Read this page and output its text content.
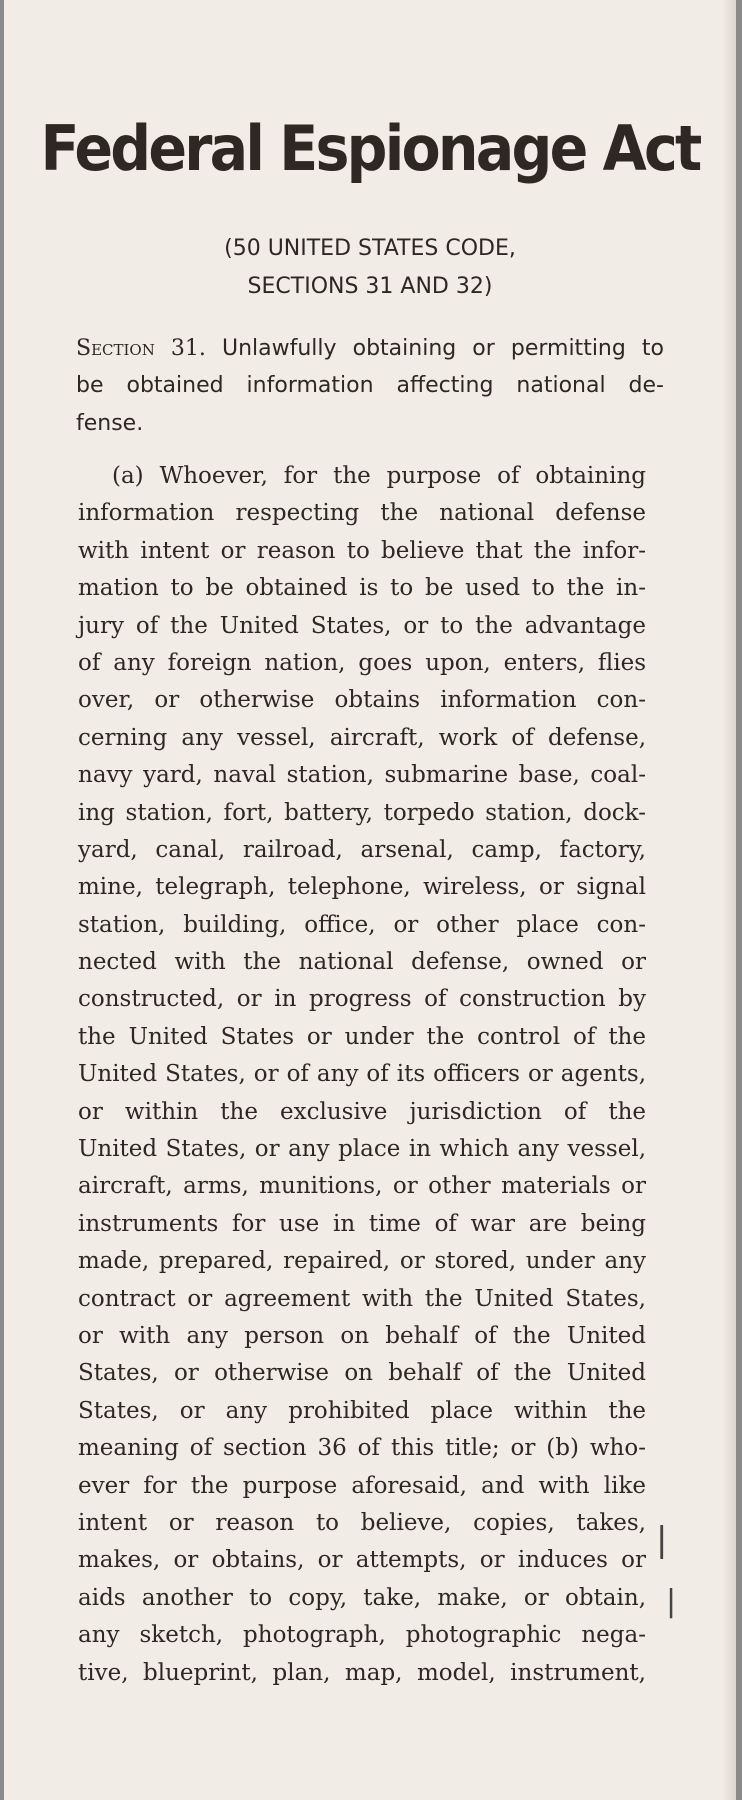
Federal Espionage Act
(50 UNITED STATES CODE,
SECTIONS 31 AND 32)
Section 31. Unlawfully obtaining or permitting to
be obtained information affecting national de-
fense.
(a) Whoever, for the purpose of obtaining
information respecting the national defense
with intent or reason to believe that the infor-
mation to be obtained is to be used to the in-
jury of the United States, or to the advantage
of any foreign nation, goes upon, enters, flies
over, or otherwise obtains information con-
cerning any vessel, aircraft, work of defense,
navy yard, naval station, submarine base, coal-
ing station, fort, battery, torpedo station, dock-
yard, canal, railroad, arsenal, camp, factory,
mine, telegraph, telephone, wireless, or signal
station, building, office, or other place con-
nected with the national defense, owned or
constructed, or in progress of construction by
the United States or under the control of the
United States, or of any of its officers or agents,
or within the exclusive jurisdiction of the
United States, or any place in which any vessel,
aircraft, arms, munitions, or other materials or
instruments for use in time of war are being
made, prepared, repaired, or stored, under any
contract or agreement with the United States,
or with any person on behalf of the United
States, or otherwise on behalf of the United
States, or any prohibited place within the
meaning of section 36 of this title; or (b) who-
ever for the purpose aforesaid, and with like
intent or reason to believe, copies, takes,
makes, or obtains, or attempts, or induces or
aids another to copy, take, make, or obtain,
any sketch, photograph, photographic nega-
tive, blueprint, plan, map, model, instrument,
|
|
